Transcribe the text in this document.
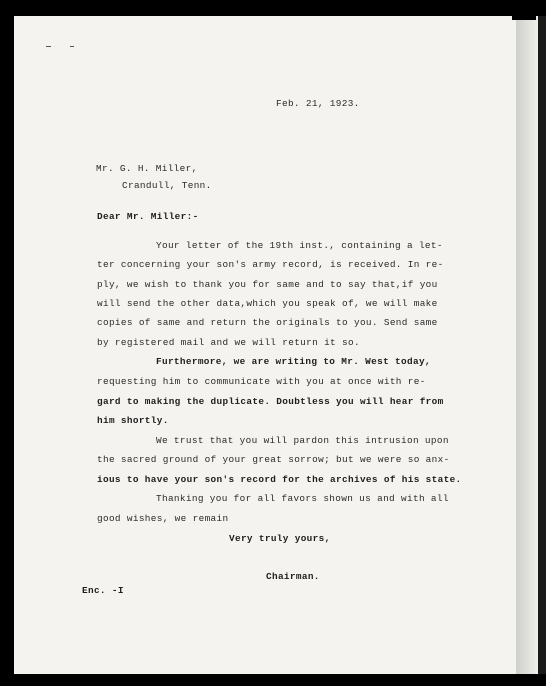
Feb. 21, 1923.
Mr. G. H. Miller,
Crandull, Tenn.
Dear Mr. Miller:-
Your letter of the 19th inst., containing a let-
ter concerning your son's army record, is received. In re-
ply, we wish to thank you for same and to say that,if you
will send the other data,which you speak of, we will make
copies of same and return the originals to you. Send same
by registered mail and we will return it so.
Furthermore, we are writing to Mr. West today,
requesting him to communicate with you at once with re-
gard to making the duplicate. Doubtless you will hear from
him shortly.
We trust that you will pardon this intrusion upon
the sacred ground of your great sorrow; but we were so anx-
ious to have your son's record for the archives of his state.
Thanking you for all favors shown us and with all
good wishes, we remain
Very truly yours,
Chairman.
Enc. -I
